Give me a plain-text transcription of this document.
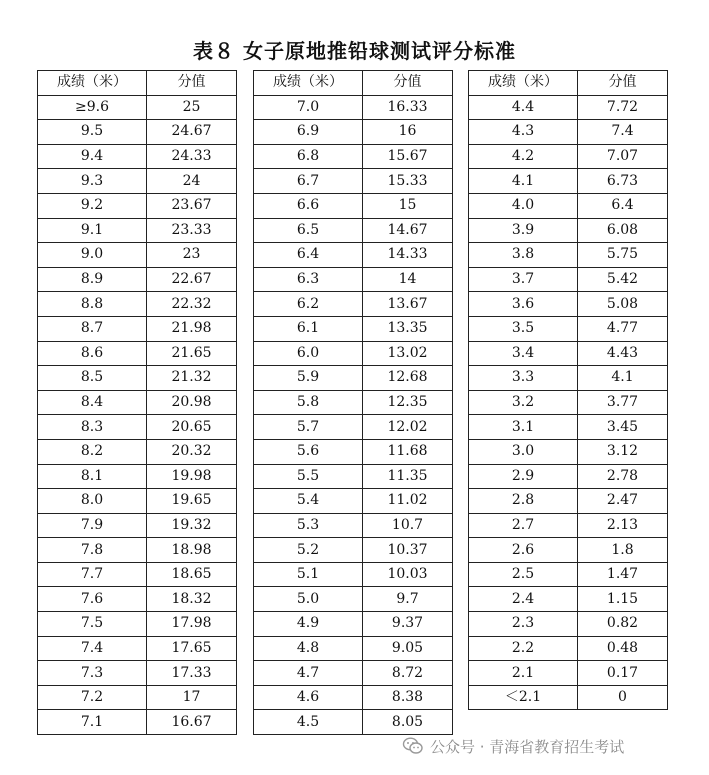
表８ 女子原地推铅球测试评分标准
成绩（米）	分值
≥9.6	25
9.5	24.67
9.4	24.33
9.3	24
9.2	23.67
9.1	23.33
9.0	23
8.9	22.67
8.8	22.32
8.7	21.98
8.6	21.65
8.5	21.32
8.4	20.98
8.3	20.65
8.2	20.32
8.1	19.98
8.0	19.65
7.9	19.32
7.8	18.98
7.7	18.65
7.6	18.32
7.5	17.98
7.4	17.65
7.3	17.33
7.2	17
7.1	16.67
成绩（米）	分值
7.0	16.33
6.9	16
6.8	15.67
6.7	15.33
6.6	15
6.5	14.67
6.4	14.33
6.3	14
6.2	13.67
6.1	13.35
6.0	13.02
5.9	12.68
5.8	12.35
5.7	12.02
5.6	11.68
5.5	11.35
5.4	11.02
5.3	10.7
5.2	10.37
5.1	10.03
5.0	9.7
4.9	9.37
4.8	9.05
4.7	8.72
4.6	8.38
4.5	8.05
成绩（米）	分值
4.4	7.72
4.3	7.4
4.2	7.07
4.1	6.73
4.0	6.4
3.9	6.08
3.8	5.75
3.7	5.42
3.6	5.08
3.5	4.77
3.4	4.43
3.3	4.1
3.2	3.77
3.1	3.45
3.0	3.12
2.9	2.78
2.8	2.47
2.7	2.13
2.6	1.8
2.5	1.47
2.4	1.15
2.3	0.82
2.2	0.48
2.1	0.17
＜2.1	0
公众号 · 青海省教育招生考试
